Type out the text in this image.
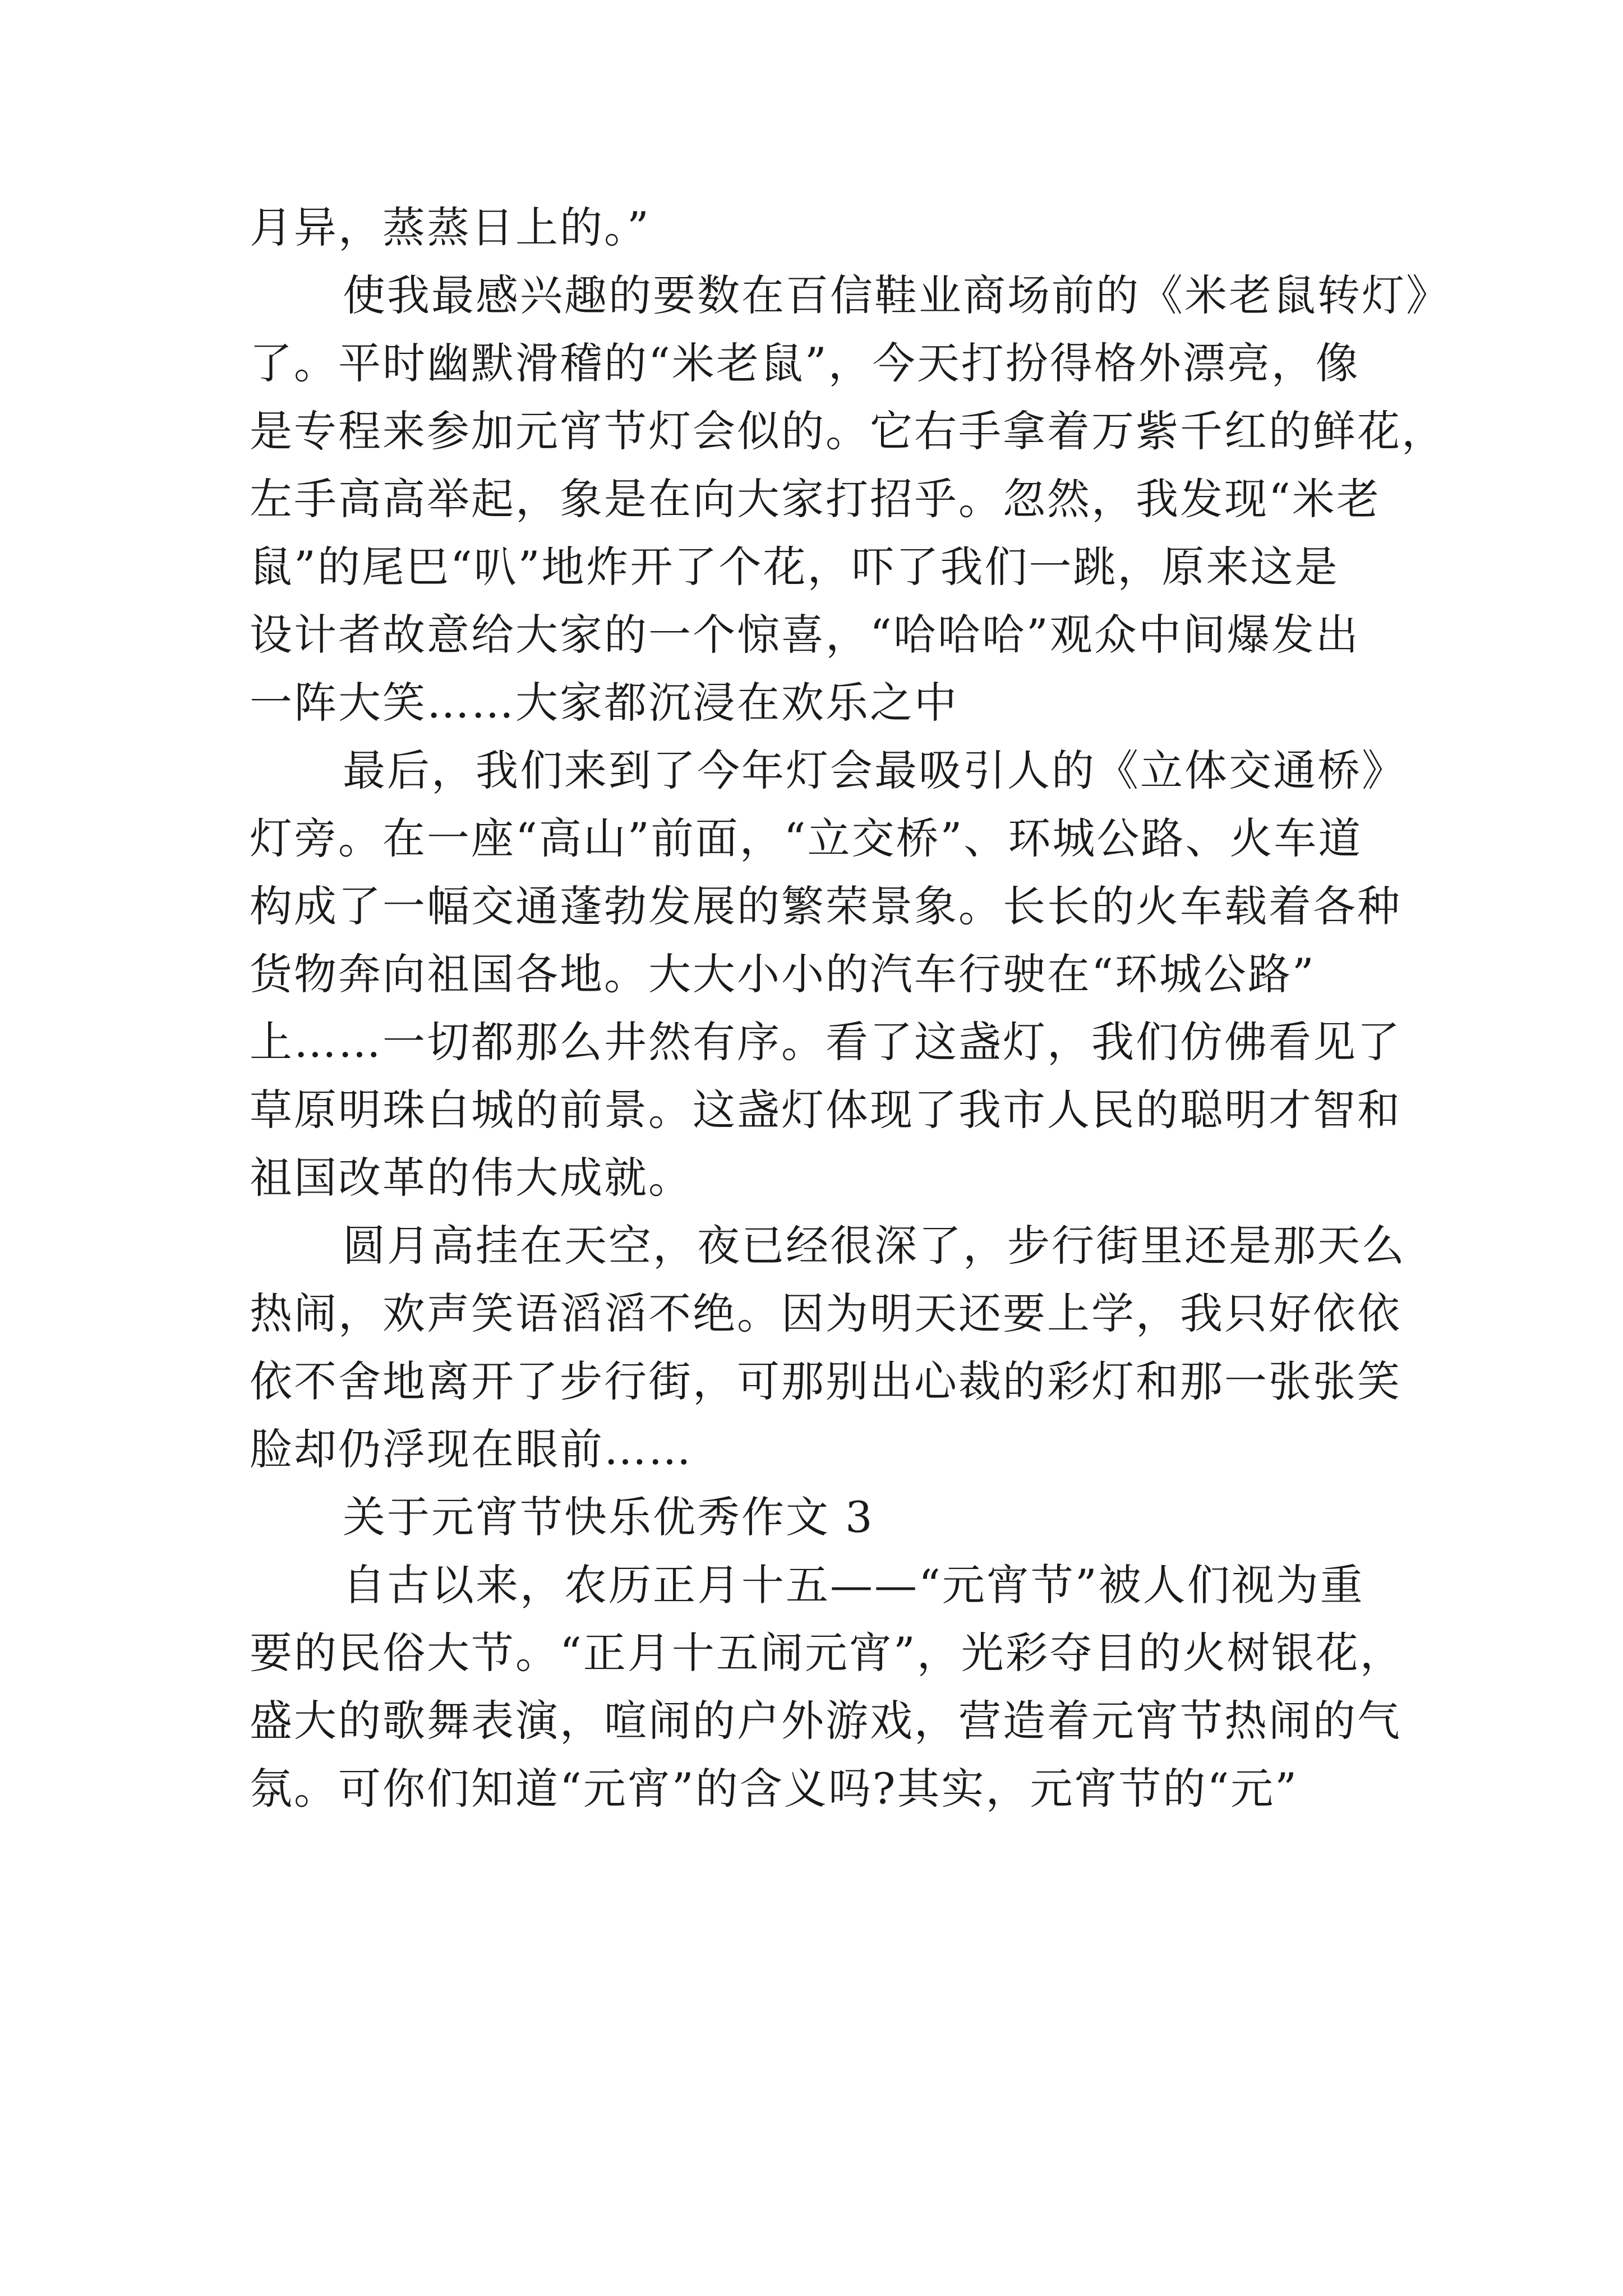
月异，蒸蒸日上的。”
使我最感兴趣的要数在百信鞋业商场前的《米老鼠转灯》
了。平时幽默滑稽的“米老鼠”，今天打扮得格外漂亮，像
是专程来参加元宵节灯会似的。它右手拿着万紫千红的鲜花，
左手高高举起，象是在向大家打招乎。忽然，我发现“米老
鼠”的尾巴“叭”地炸开了个花，吓了我们一跳，原来这是
设计者故意给大家的一个惊喜，“哈哈哈”观众中间爆发出
一阵大笑……大家都沉浸在欢乐之中
最后，我们来到了今年灯会最吸引人的《立体交通桥》
灯旁。在一座“高山”前面，“立交桥”、环城公路、火车道
构成了一幅交通蓬勃发展的繁荣景象。长长的火车载着各种
货物奔向祖国各地。大大小小的汽车行驶在“环城公路”
上……一切都那么井然有序。看了这盏灯，我们仿佛看见了
草原明珠白城的前景。这盏灯体现了我市人民的聪明才智和
祖国改革的伟大成就。
圆月高挂在天空，夜已经很深了，步行街里还是那天么
热闹，欢声笑语滔滔不绝。因为明天还要上学，我只好依依
依不舍地离开了步行街，可那别出心裁的彩灯和那一张张笑
脸却仍浮现在眼前……
关于元宵节快乐优秀作文 3
自古以来，农历正月十五——“元宵节”被人们视为重
要的民俗大节。“正月十五闹元宵”，光彩夺目的火树银花，
盛大的歌舞表演，喧闹的户外游戏，营造着元宵节热闹的气
氛。可你们知道“元宵”的含义吗?其实，元宵节的“元”
